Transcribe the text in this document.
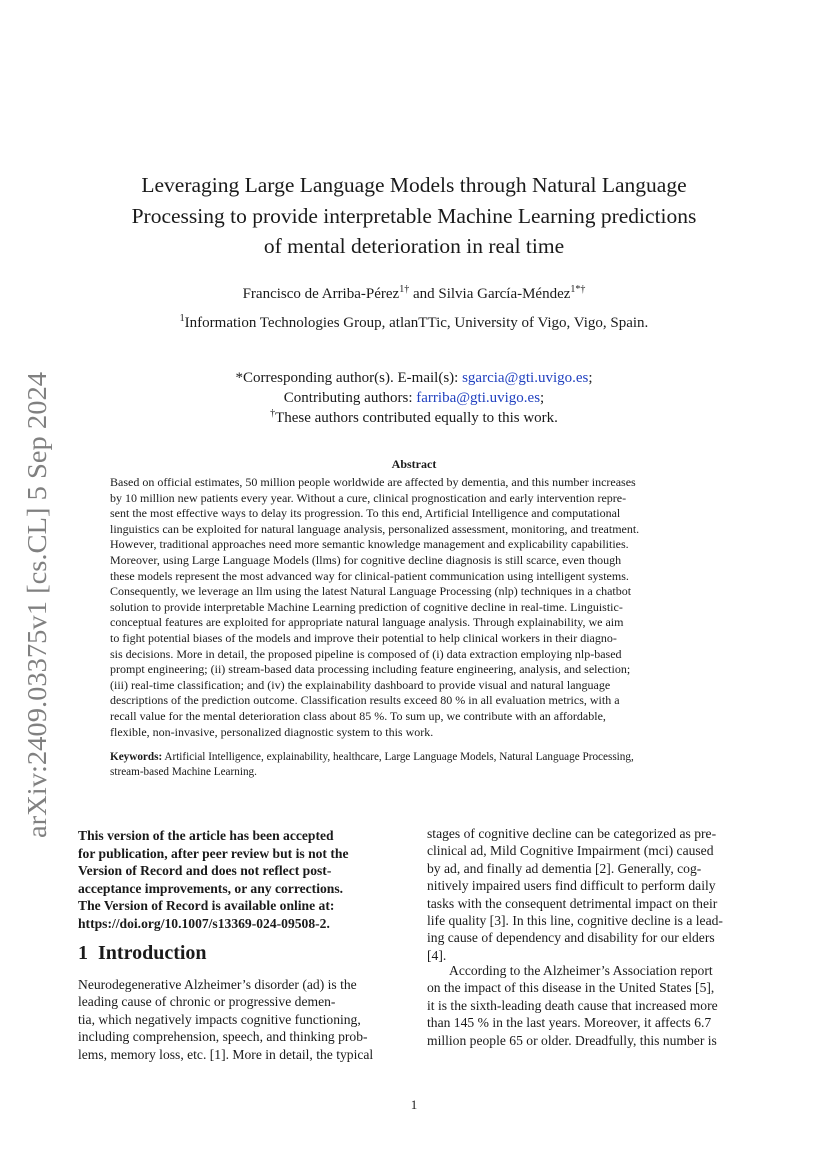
arXiv:2409.03375v1 [cs.CL] 5 Sep 2024
Leveraging Large Language Models through Natural Language
Processing to provide interpretable Machine Learning predictions
of mental deterioration in real time
Francisco de Arriba-Pérez$^{1\dagger}$ and Silvia García-Méndez$^{1*\dagger}$
$^1$Information Technologies Group, atlanTTic, University of Vigo, Vigo, Spain.
*Corresponding author(s). E-mail(s): sgarcia@gti.uvigo.es;
Contributing authors: farriba@gti.uvigo.es;
†These authors contributed equally to this work.
Abstract
Based on official estimates, 50 million people worldwide are affected by dementia, and this number increases
by 10 million new patients every year. Without a cure, clinical prognostication and early intervention repre-
sent the most effective ways to delay its progression. To this end, Artificial Intelligence and computational
linguistics can be exploited for natural language analysis, personalized assessment, monitoring, and treatment.
However, traditional approaches need more semantic knowledge management and explicability capabilities.
Moreover, using Large Language Models (llms) for cognitive decline diagnosis is still scarce, even though
these models represent the most advanced way for clinical-patient communication using intelligent systems.
Consequently, we leverage an llm using the latest Natural Language Processing (nlp) techniques in a chatbot
solution to provide interpretable Machine Learning prediction of cognitive decline in real-time. Linguistic-
conceptual features are exploited for appropriate natural language analysis. Through explainability, we aim
to fight potential biases of the models and improve their potential to help clinical workers in their diagno-
sis decisions. More in detail, the proposed pipeline is composed of (i) data extraction employing nlp-based
prompt engineering; (ii) stream-based data processing including feature engineering, analysis, and selection;
(iii) real-time classification; and (iv) the explainability dashboard to provide visual and natural language
descriptions of the prediction outcome. Classification results exceed 80 % in all evaluation metrics, with a
recall value for the mental deterioration class about 85 %. To sum up, we contribute with an affordable,
flexible, non-invasive, personalized diagnostic system to this work.
Keywords: Artificial Intelligence, explainability, healthcare, Large Language Models, Natural Language Processing,
stream-based Machine Learning.
This version of the article has been accepted
for publication, after peer review but is not the
Version of Record and does not reflect post-
acceptance improvements, or any corrections.
The Version of Record is available online at:
https://doi.org/10.1007/s13369-024-09508-2.
1 Introduction
Neurodegenerative Alzheimer’s disorder (ad) is the
leading cause of chronic or progressive demen-
tia, which negatively impacts cognitive functioning,
including comprehension, speech, and thinking prob-
lems, memory loss, etc. [1]. More in detail, the typical
stages of cognitive decline can be categorized as pre-
clinical ad, Mild Cognitive Impairment (mci) caused
by ad, and finally ad dementia [2]. Generally, cog-
nitively impaired users find difficult to perform daily
tasks with the consequent detrimental impact on their
life quality [3]. In this line, cognitive decline is a lead-
ing cause of dependency and disability for our elders
[4].
According to the Alzheimer’s Association report
on the impact of this disease in the United States [5],
it is the sixth-leading death cause that increased more
than 145 % in the last years. Moreover, it affects 6.7
million people 65 or older. Dreadfully, this number is
1
